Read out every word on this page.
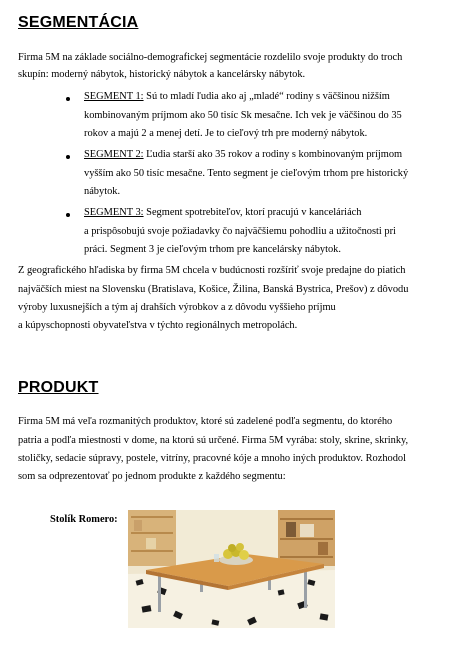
SEGMENTÁCIA
Firma 5M na základe sociálno-demografickej segmentácie rozdelilo svoje produkty do troch
skupín: moderný nábytok, historický nábytok a kancelársky nábytok.
SEGMENT 1: Sú to mladí ľudia ako aj „mladé“ rodiny s väčšinou nižším
kombinovaným príjmom ako 50 tisíc Sk mesačne. Ich vek je väčšinou do 35
rokov a majú 2 a menej detí. Je to cieľový trh pre moderný nábytok.
SEGMENT 2: Ľudia starší ako 35 rokov a rodiny s kombinovaným príjmom
vyšším ako 50 tisíc mesačne. Tento segment je cieľovým trhom pre historický
nábytok.
SEGMENT 3: Segment spotrebiteľov, ktorí pracujú v kanceláriách
a prispôsobujú svoje požiadavky čo najväčšiemu pohodliu a užitočnosti pri
práci. Segment 3 je cieľovým trhom pre kancelársky nábytok.
Z geografického hľadiska by firma 5M chcela v budúcnosti rozšíriť svoje predajne do piatich
najväčších miest na Slovensku (Bratislava, Košice, Žilina, Banská Bystrica, Prešov) z dôvodu
výroby luxusnejších a tým aj drahších výrobkov a z dôvodu vyššieho príjmu
a kúpyschopnosti obyvateľstva v týchto regionálnych metropolách.
PRODUKT
Firma 5M má veľa rozmanitých produktov, ktoré sú zadelené podľa segmentu, do ktorého
patria a podľa miestnosti v dome, na ktorú sú určené. Firma 5M vyrába: stoly, skrine, skrinky,
stoličky, sedacie súpravy, postele, vitríny, pracovné kóje a mnoho iných produktov. Rozhodol
som sa odprezentovať po jednom produkte z každého segmentu:
Stolík Romero:
